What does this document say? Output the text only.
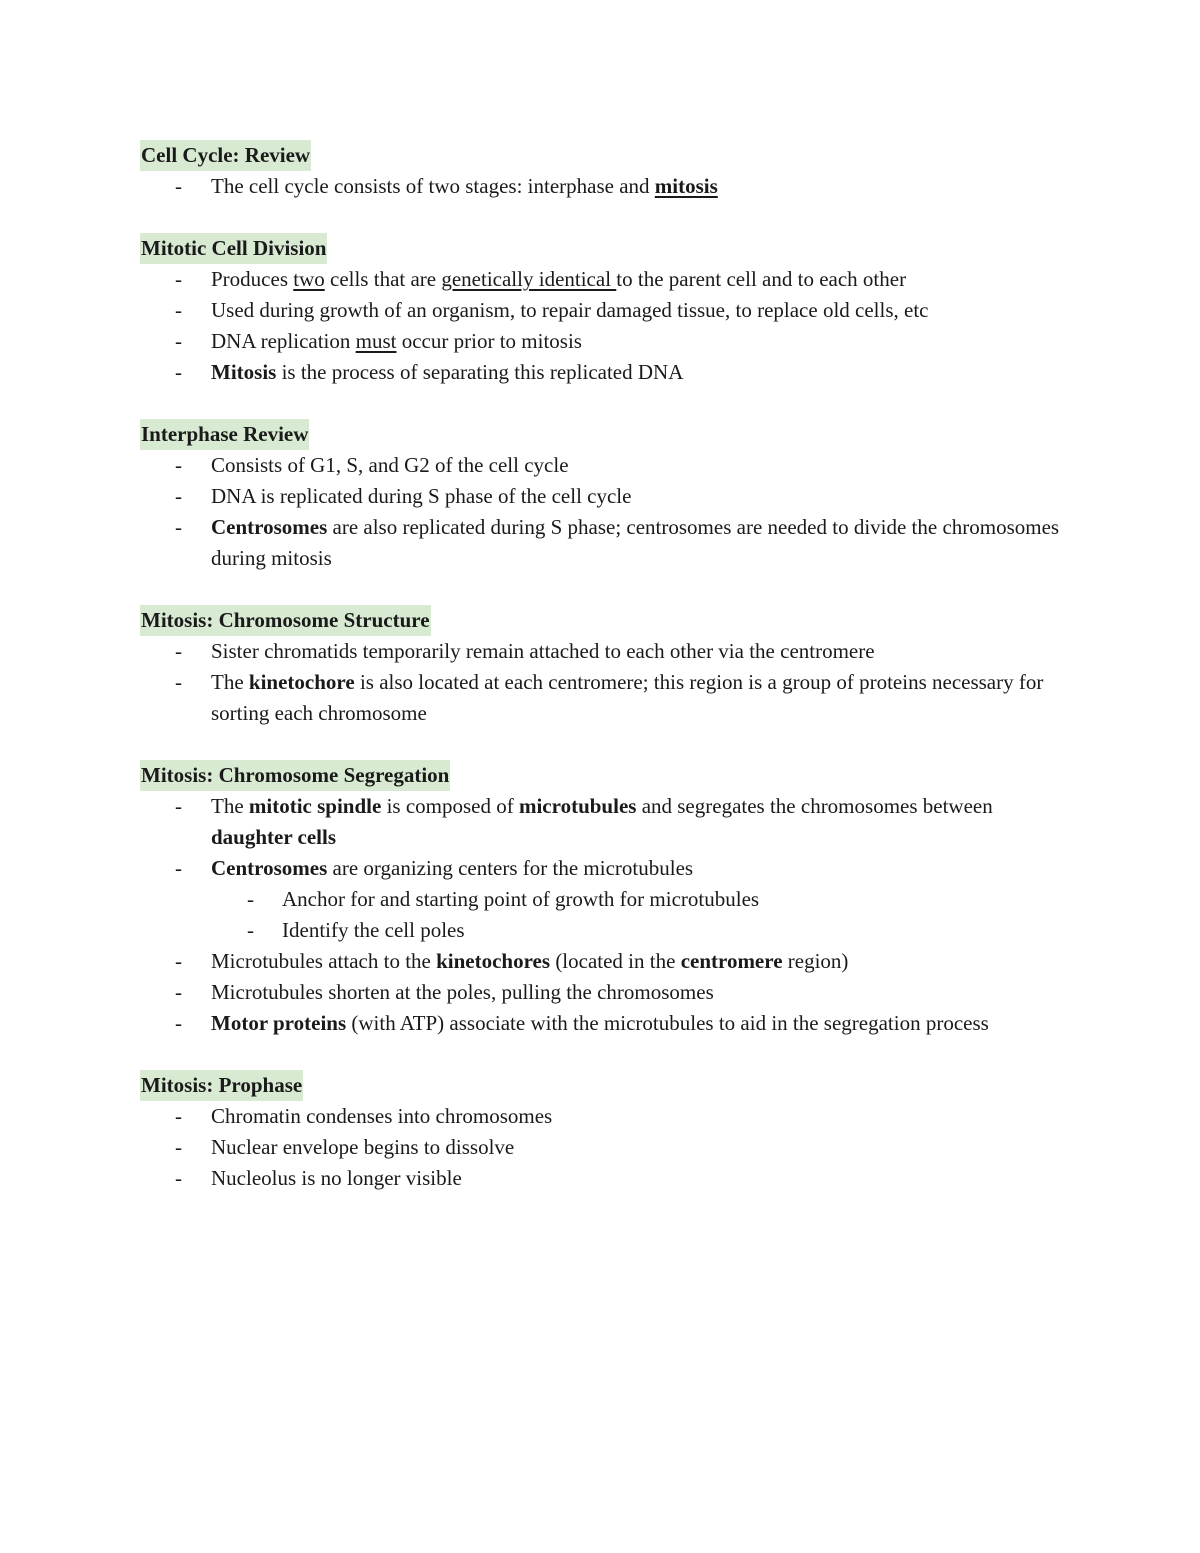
Cell Cycle: Review
-	The cell cycle consists of two stages: interphase and mitosis
Mitotic Cell Division
-	Produces two cells that are genetically identical to the parent cell and to each other
-	Used during growth of an organism, to repair damaged tissue, to replace old cells, etc
-	DNA replication must occur prior to mitosis
-	Mitosis is the process of separating this replicated DNA
Interphase Review
-	Consists of G1, S, and G2 of the cell cycle
-	DNA is replicated during S phase of the cell cycle
-	Centrosomes are also replicated during S phase; centrosomes are needed to divide the chromosomes during mitosis
Mitosis: Chromosome Structure
-	Sister chromatids temporarily remain attached to each other via the centromere
-	The kinetochore is also located at each centromere; this region is a group of proteins necessary for sorting each chromosome
Mitosis: Chromosome Segregation
-	The mitotic spindle is composed of microtubules and segregates the chromosomes between daughter cells
-	Centrosomes are organizing centers for the microtubules
-	Anchor for and starting point of growth for microtubules
-	Identify the cell poles
-	Microtubules attach to the kinetochores (located in the centromere region)
-	Microtubules shorten at the poles, pulling the chromosomes
-	Motor proteins (with ATP) associate with the microtubules to aid in the segregation process
Mitosis: Prophase
-	Chromatin condenses into chromosomes
-	Nuclear envelope begins to dissolve
-	Nucleolus is no longer visible
